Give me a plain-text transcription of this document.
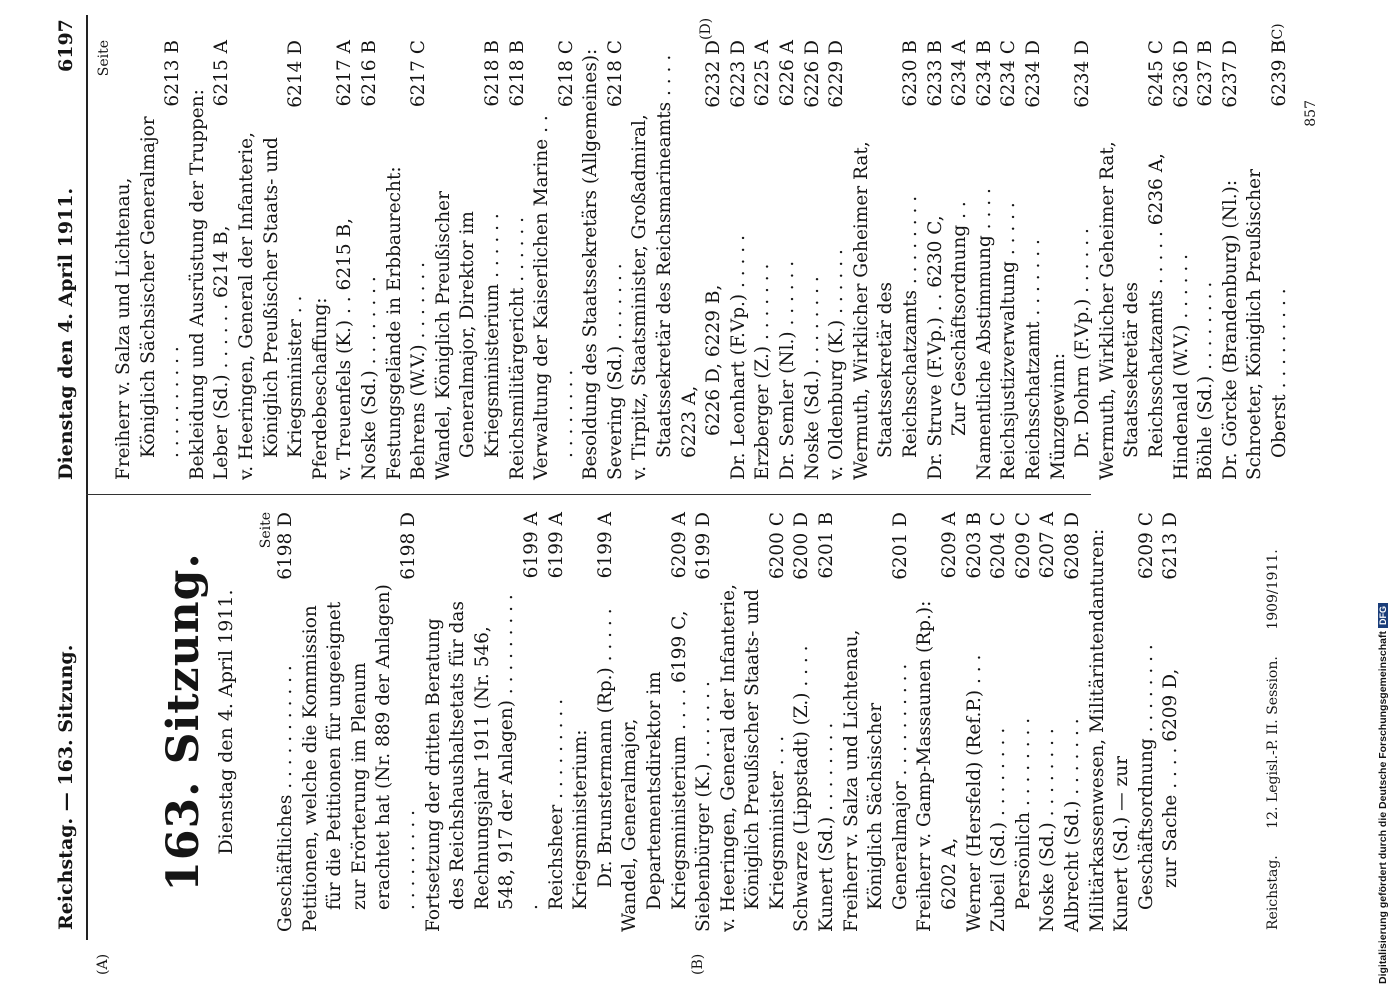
Reichstag. — 163. Sitzung.
Dienstag den 4. April 1911.
6197
(A)	(B)
(C)
(D)
163. Sitzung. Dienstag den 4. April 1911.
Seite
Geschäftliches . . . . . . . . . . .
6198 D
Petitionen, welche die Kommission für die Petitionen für ungeeignet zur Erörterung im Plenum erachtet hat (Nr. 889 der Anlagen) . . . . . . . . .
6198 D
Fortsetzung der dritten Beratung des Reichshaushaltsetats für das Rechnungsjahr 1911 (Nr. 546, 548, 917 der Anlagen) . . . . . . . . . .
6199 A
Reichsheer . . . . . . . . .
6199 A
Kriegsministerium: Dr. Brunstermann (Rp.) . . . . .
6199 A
Wandel, Generalmajor, Departementsdirektor im Kriegsministerium . . . . 6199 C,
6209 A
Siebenbürger (K.) . . . . . . .
6199 D
v. Heeringen, General der Infanterie, Königlich Preußischer Staats- und Kriegsminister . . .
6200 C
Schwarze (Lippstadt) (Z.) . . . .
6200 D
Kunert (Sd.) . . . . . . . .
6201 B
Freiherr v. Salza und Lichtenau, Königlich Sächsischer Generalmajor . . . . . . . . . .
6201 D
Freiherr v. Gamp-Massaunen (Rp.): 6202 A,
6209 A
Werner (Hersfeld) (Ref.P.) . . .
6203 B
Zubeil (Sd.) . . . . . . . .
6204 C
Persönlich . . . . . . . .
6209 C
Noske (Sd.) . . . . . . . .
6207 A
Albrecht (Sd.) . . . . . . .
6208 D Militärkassenwesen, Militärintendanturen: Kunert (Sd.) — zur Geschäftsordnung . . . . . . . .
6209 C
zur Sache . . . . 6209 D,
6213 D
Seite
Freiherr v. Salza und Lichtenau, Königlich Sächsischer Generalmajor . . . . . . . . . .
6213 B
Bekleidung und Ausrüstung der Truppen: Leber (Sd.) . . . . . . 6214 B,
6215 A
v. Heeringen, General der Infanterie, Königlich Preußischer Staats- und Kriegsminister . .
6214 D
Pferdebeschaffung: v. Treuenfels (K.) . . 6215 B,
6217 A
Noske (Sd.) . . . . . . . .
6216 B
Festungsgelände in Erbbaurecht: Behrens (W.V.) . . . . . . .
6217 C
Wandel, Königlich Preußischer Generalmajor, Direktor im Kriegsministerium . . . . . .
6218 B
Reichsmilitärgericht . . . . . .
6218 B
Verwaltung der Kaiserlichen Marine . . . . . . . . . .
6218 C Besoldung des Staatssekretärs (Allgemeines): Severing (Sd.) . . . . . . .
6218 C
v. Tirpitz, Staatsminister, Großadmiral, Staatssekretär des Reichsmarineamts . . . . 6223 A, 6226 D, 6229 B,
6232 D
Dr. Leonhart (F.Vp.) . . . . .
6223 D
Erzberger (Z.) . . . . . . .
6225 A
Dr. Semler (Nl.) . . . . . .
6226 A
Noske (Sd.) . . . . . . . .
6226 D
v. Oldenburg (K.) . . . . . .
6229 D
Wermuth, Wirklicher Geheimer Rat, Staatssekretär des Reichsschatzamts . . . . . . . .
6230 B
Dr. Struve (F.Vp.) . . 6230 C,
6233 B
Zur Geschäftsordnung . .
6234 A
Namentliche Abstimmung . . . .
6234 B
Reichsjustizverwaltung . . . . .
6234 C
Reichsschatzamt . . . . . . .
6234 D
Münzgewinn: Dr. Dohrn (F.Vp.) . . . . . .
6234 D
Wermuth, Wirklicher Geheimer Rat, Staatssekretär des Reichsschatzamts . . . . . 6236 A,
6245 C
Hindenald (W.V.) . . . . . .
6236 D
Böhle (Sd.) . . . . . . . .
6237 B
Dr. Görcke (Brandenburg) (Nl.):
6237 D
Schroeter, Königlich Preußischer Oberst . . . . . . . . .
6239 B
857
Reichstag. 12. Legisl.-P. II. Session. 1909/1911.
Digitalisierung gefördert durch die Deutsche ForschungsgemeinschaftDFG
